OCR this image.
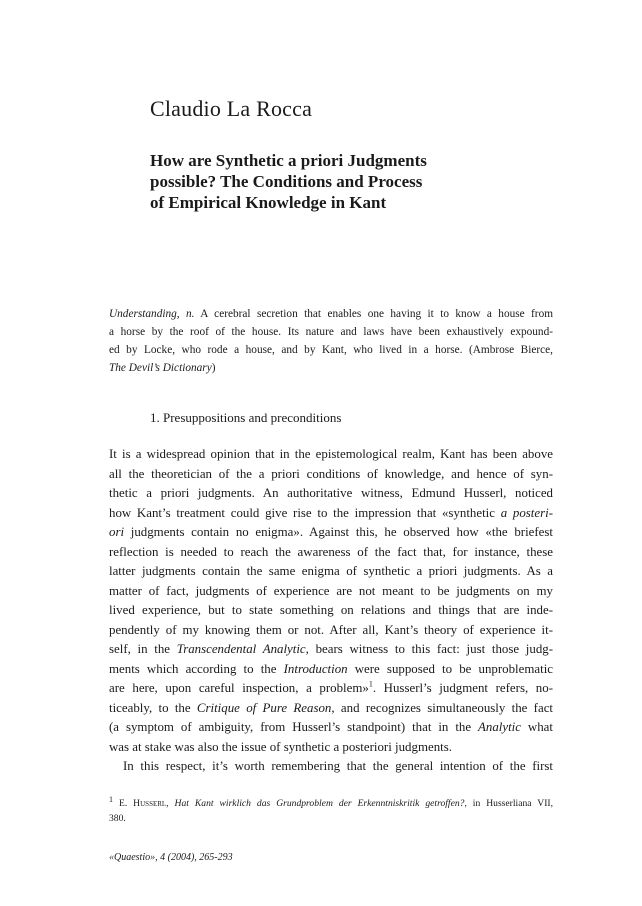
Claudio La Rocca
How are Synthetic a priori Judgments
possible? The Conditions and Process
of Empirical Knowledge in Kant
Understanding, n. A cerebral secretion that enables one having it to know a house from
a horse by the roof of the house. Its nature and laws have been exhaustively expound-
ed by Locke, who rode a house, and by Kant, who lived in a horse. (Ambrose Bierce,
The Devil’s Dictionary)
1. Presuppositions and preconditions
It is a widespread opinion that in the epistemological realm, Kant has been above
all the theoretician of the a priori conditions of knowledge, and hence of syn-
thetic a priori judgments. An authoritative witness, Edmund Husserl, noticed
how Kant’s treatment could give rise to the impression that «synthetic a posteri-
ori judgments contain no enigma». Against this, he observed how «the briefest
reflection is needed to reach the awareness of the fact that, for instance, these
latter judgments contain the same enigma of synthetic a priori judgments. As a
matter of fact, judgments of experience are not meant to be judgments on my
lived experience, but to state something on relations and things that are inde-
pendently of my knowing them or not. After all, Kant’s theory of experience it-
self, in the Transcendental Analytic, bears witness to this fact: just those judg-
ments which according to the Introduction were supposed to be unproblematic
are here, upon careful inspection, a problem»$^1$. Husserl’s judgment refers, no-
ticeably, to the Critique of Pure Reason, and recognizes simultaneously the fact
(a symptom of ambiguity, from Husserl’s standpoint) that in the Analytic what
was at stake was also the issue of synthetic a posteriori judgments.
In this respect, it’s worth remembering that the general intention of the first
$^1$ E. Husserl, Hat Kant wirklich das Grundproblem der Erkenntniskritik getroffen?, in Husserliana VII,
380.
«Quaestio», 4 (2004), 265-293
